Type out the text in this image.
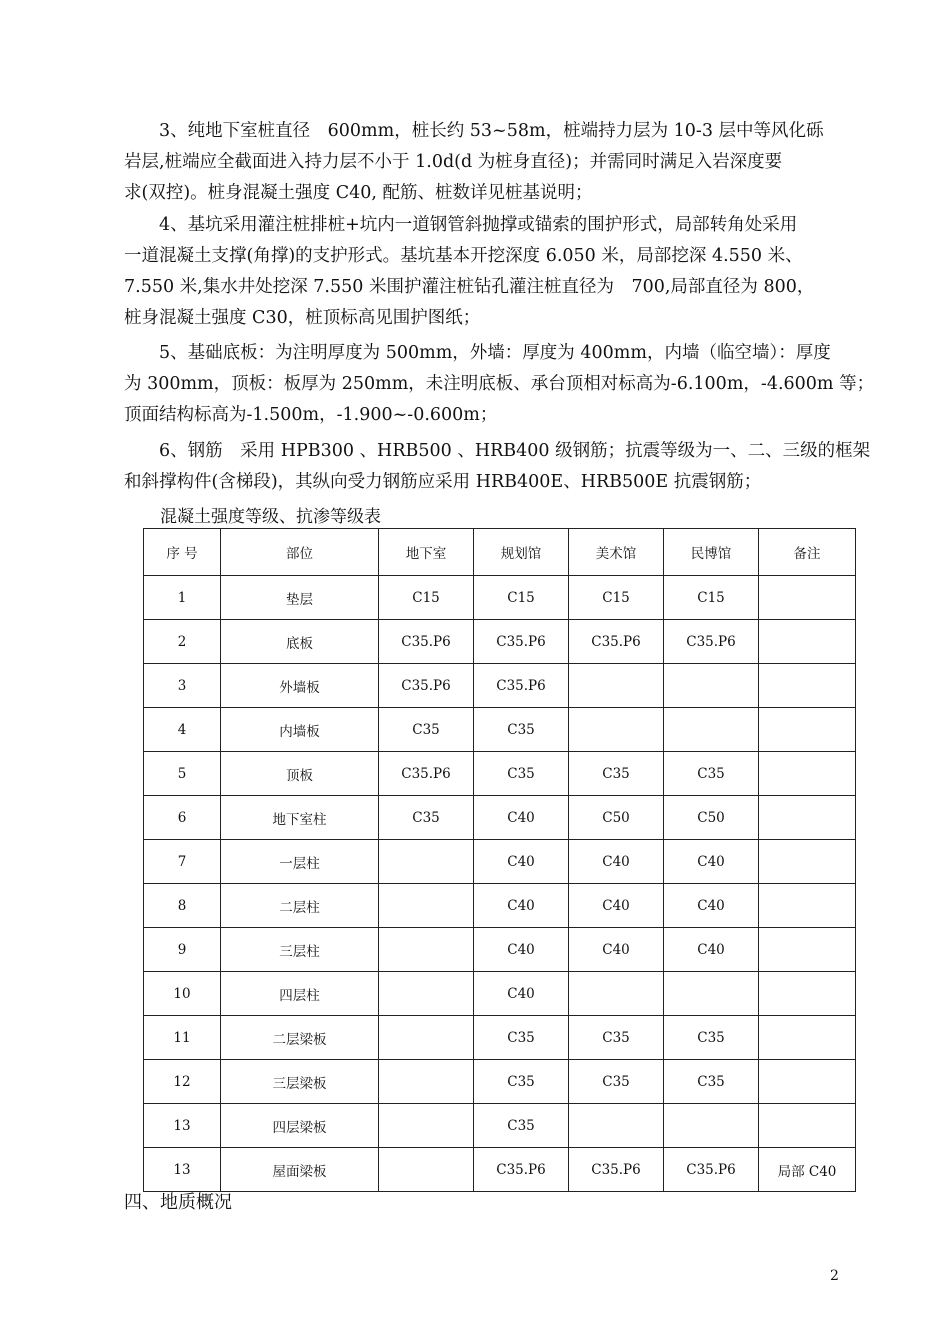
3、纯地下室桩直径　600mm，桩长约 53~58m，桩端持力层为 10-3 层中等风化砾
岩层,桩端应全截面进入持力层不小于 1.0d(d 为桩身直径)；并需同时满足入岩深度要
求(双控)。桩身混凝土强度 C40, 配筋、桩数详见桩基说明；
4、基坑采用灌注桩排桩+坑内一道钢管斜抛撑或锚索的围护形式，局部转角处采用
一道混凝土支撑(角撑)的支护形式。基坑基本开挖深度 6.050 米，局部挖深 4.550 米、
7.550 米,集水井处挖深 7.550 米围护灌注桩钻孔灌注桩直径为　700,局部直径为 800，
桩身混凝土强度 C30，桩顶标高见围护图纸；
5、基础底板：为注明厚度为 500mm，外墙：厚度为 400mm，内墙（临空墙）：厚度
为 300mm，顶板：板厚为 250mm，未注明底板、承台顶相对标高为-6.100m，-4.600m 等；
顶面结构标高为-1.500m，-1.900~-0.600m；
6、钢筋　采用 HPB300 、HRB500 、HRB400 级钢筋；抗震等级为一、二、三级的框架
和斜撑构件(含梯段)，其纵向受力钢筋应采用 HRB400E、HRB500E 抗震钢筋；

混凝土强度等级、抗渗等级表

序 号	部位	地下室	规划馆	美术馆	民博馆	备注
1	垫层	C15	C15	C15	C15	
2	底板	C35.P6	C35.P6	C35.P6	C35.P6	
3	外墙板	C35.P6	C35.P6			
4	内墙板	C35	C35			
5	顶板	C35.P6	C35	C35	C35	
6	地下室柱	C35	C40	C50	C50	
7	一层柱		C40	C40	C40	
8	二层柱		C40	C40	C40	
9	三层柱		C40	C40	C40	
10	四层柱		C40			
11	二层梁板		C35	C35	C35	
12	三层梁板		C35	C35	C35	
13	四层梁板		C35			
13	屋面梁板		C35.P6	C35.P6	C35.P6	局部 C40

四、地质概况

2
